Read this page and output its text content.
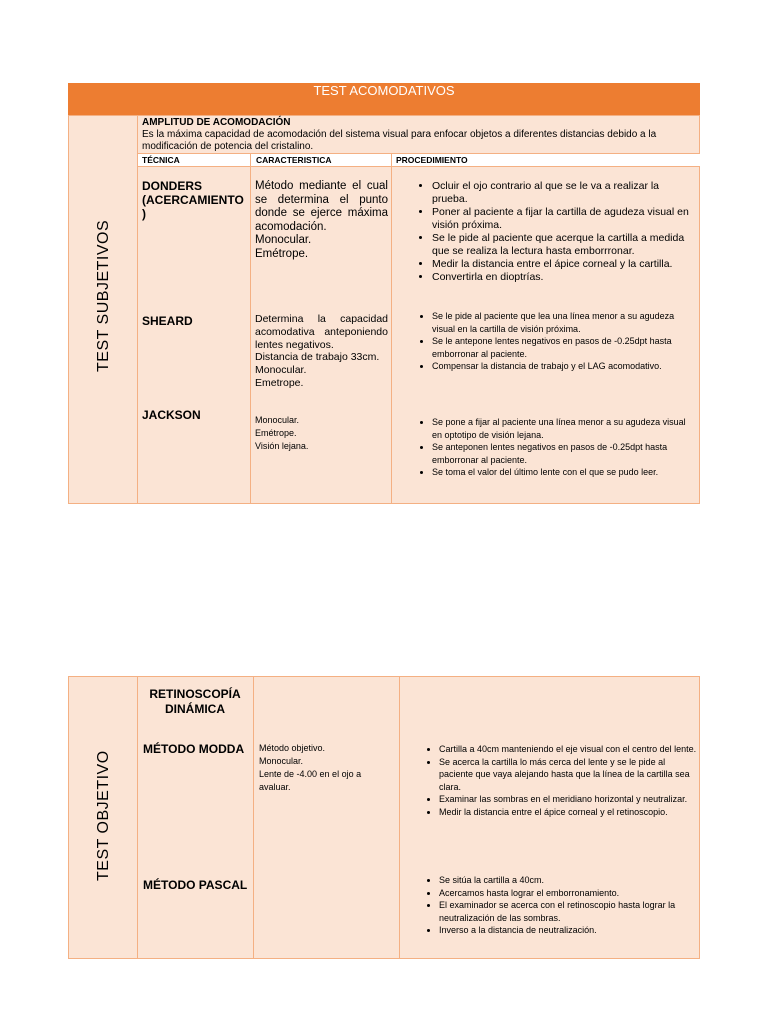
TEST ACOMODATIVOS
TEST SUBJETIVOS
AMPLITUD DE ACOMODACIÓN
Es la máxima capacidad de acomodación del sistema visual para enfocar objetos a diferentes distancias debido a la modificación de potencia del cristalino.
TÉCNICA	CARACTERISTICA	PROCEDIMIENTO
DONDERS (ACERCAMIENTO )
Método mediante el cual se determina el punto donde se ejerce máxima acomodación.
Monocular.
Emétrope.
• Ocluir el ojo contrario al que se le va a realizar la prueba.
• Poner al paciente a fijar la cartilla de agudeza visual en visión próxima.
• Se le pide al paciente que acerque la cartilla a medida que se realiza la lectura hasta emborrronar.
• Medir la distancia entre el ápice corneal y la cartilla.
• Convertirla en dioptrías.
SHEARD	Determina la capacidad acomodativa anteponiendo lentes negativos.
Distancia de trabajo 33cm.
Monocular.
Emetrope.
• Se le pide al paciente que lea una línea menor a su agudeza visual en la cartilla de visión próxima.
• Se le antepone lentes negativos en pasos de -0.25dpt hasta emborronar al paciente.
• Compensar la distancia de trabajo y el LAG acomodativo.
JACKSON	Monocular.
Emétrope.
Visión lejana.
• Se pone a fijar al paciente una línea menor a su agudeza visual en optotipo de visión lejana.
• Se anteponen lentes negativos en pasos de -0.25dpt hasta emborronar al paciente.
• Se toma el valor del último lente con el que se pudo leer.
TEST OBJETIVO
RETINOSCOPÍA DINÁMICA
MÉTODO MODDA	Método objetivo.
Monocular.
Lente de -4.00 en el ojo a avaluar.
• Cartilla a 40cm manteniendo el eje visual con el centro del lente.
• Se acerca la cartilla lo más cerca del lente y se le pide al paciente que vaya alejando hasta que la línea de la cartilla sea clara.
• Examinar las sombras en el meridiano horizontal y neutralizar.
• Medir la distancia entre el ápice corneal y el retinoscopio.
MÉTODO PASCAL
•	Se sitúa la cartilla a 40cm.
• Acercamos hasta lograr el emborronamiento.
• El examinador se acerca con el retinoscopio hasta lograr la neutralización de las sombras.
• Inverso a la distancia de neutralización.
